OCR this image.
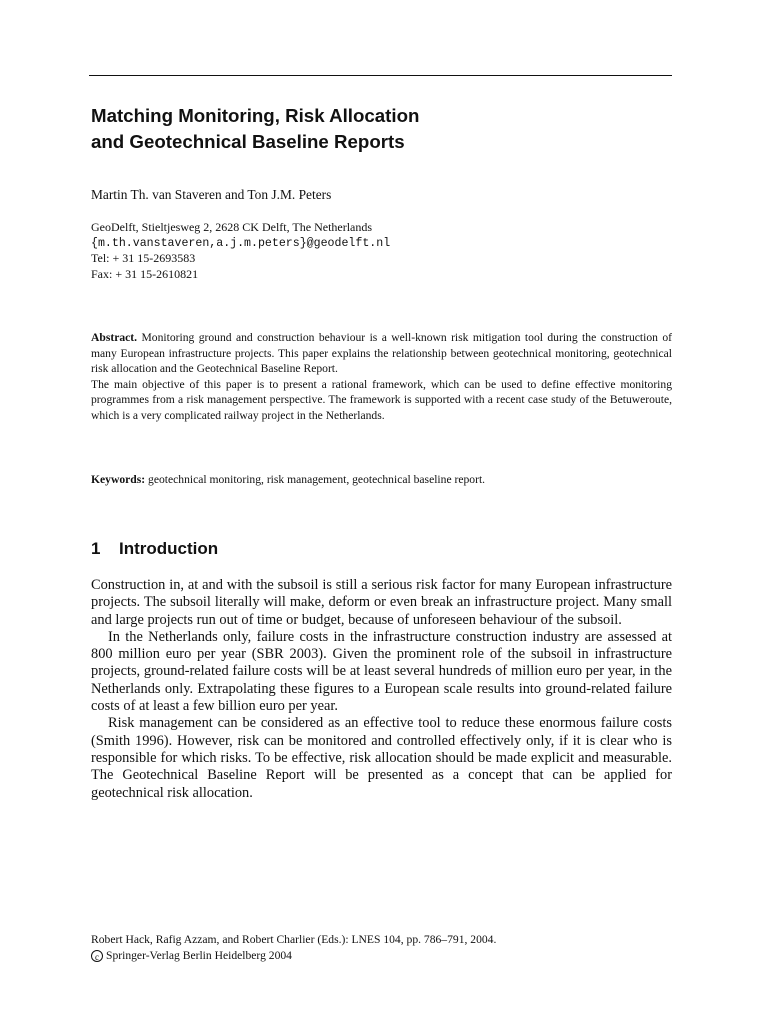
Matching Monitoring, Risk Allocation
and Geotechnical Baseline Reports
Martin Th. van Staveren and Ton J.M. Peters
GeoDelft, Stieltjesweg 2, 2628 CK Delft, The Netherlands
{m.th.vanstaveren,a.j.m.peters}@geodelft.nl
Tel: + 31 15-2693583
Fax: + 31 15-2610821

Abstract. Monitoring ground and construction behaviour is a well-known risk mitigation tool during the construction of many European infrastructure projects. This paper explains the relationship between geotechnical monitoring, geotechnical risk allocation and the Geotechnical Baseline Report.

The main objective of this paper is to present a rational framework, which can be used to define effective monitoring programmes from a risk management perspective. The framework is supported with a recent case study of the Betuweroute, which is a very complicated railway project in the Netherlands.

Keywords: geotechnical monitoring, risk management, geotechnical baseline report.
1 Introduction

Construction in, at and with the subsoil is still a serious risk factor for many European infrastructure projects. The subsoil literally will make, deform or even break an infrastructure project. Many small and large projects run out of time or budget, because of unforeseen behaviour of the subsoil.

In the Netherlands only, failure costs in the infrastructure construction industry are assessed at 800 million euro per year (SBR 2003). Given the prominent role of the subsoil in infrastructure projects, ground-related failure costs will be at least several hundreds of million euro per year, in the Netherlands only. Extrapolating these figures to a European scale results into ground-related failure costs of at least a few billion euro per year.

Risk management can be considered as an effective tool to reduce these enormous failure costs (Smith 1996). However, risk can be monitored and controlled effectively only, if it is clear who is responsible for which risks. To be effective, risk allocation should be made explicit and measurable. The Geotechnical Baseline Report will be presented as a concept that can be applied for geotechnical risk allocation.

Robert Hack, Rafig Azzam, and Robert Charlier (Eds.): LNES 104, pp. 786–791, 2004.
c Springer-Verlag Berlin Heidelberg 2004
